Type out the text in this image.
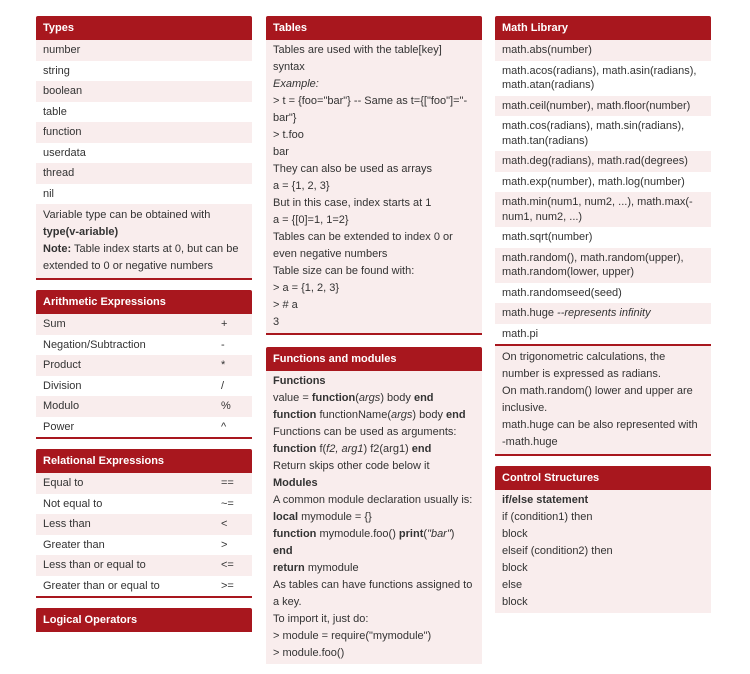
Types
number
string
boolean
table
function
userdata
thread
nil
Variable type can be obtained with type(v-ariable)
Note: Table index starts at 0, but can be extended to 0 or negative numbers
Arithmetic Expressions
Sum	+
Negation/Subtraction	-
Product	*
Division	/
Modulo	%
Power	^
Relational Expressions
Equal to	==
Not equal to	~=
Less than	<
Greater than	>
Less than or equal to	<=
Greater than or equal to	>=
Logical Operators
Tables
Tables are used with the table[key] syntax
Example:
> t = {foo="bar"} -- Same as t={["foo"]="-bar"}
> t.foo
bar
They can also be used as arrays
a = {1, 2, 3}
But in this case, index starts at 1
a = {[0]=1, 1=2}
Tables can be extended to index 0 or even negative numbers
Table size can be found with:
> a = {1, 2, 3}
> # a
3
Functions and modules
Functions
value = function(args) body end
function functionName(args) body end
Functions can be used as arguments:
function f(f2, arg1) f2(arg1) end
Return skips other code below it
Modules
A common module declaration usually is:
local mymodule = {}
function mymodule.foo() print("bar") end
return mymodule
As tables can have functions assigned to a key.
To import it, just do:
> module = require("mymodule")
> module.foo()
Math Library
math.abs(number)
math.acos(radians), math.asin(radians), math.atan(radians)
math.ceil(number), math.floor(number)
math.cos(radians), math.sin(radians), math.tan(radians)
math.deg(radians), math.rad(degrees)
math.exp(number), math.log(number)
math.min(num1, num2, ...), math.max(-num1, num2, ...)
math.sqrt(number)
math.random(), math.random(upper), math.random(lower, upper)
math.randomseed(seed)
math.huge --represents infinity
math.pi
On trigonometric calculations, the number is expressed as radians.
On math.random() lower and upper are inclusive.
math.huge can be also represented with -math.huge
Control Structures
if/else statement
if (condition1) then
block
elseif (condition2) then
block
else
block
